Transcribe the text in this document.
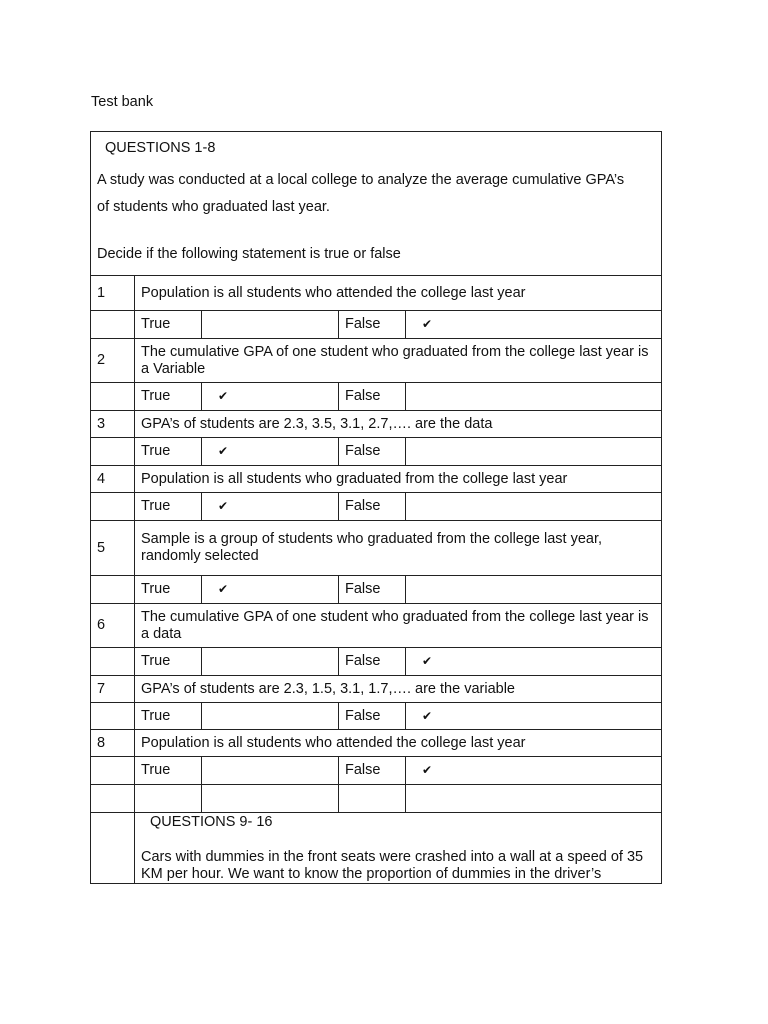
Test bank
QUESTIONS 1-8

A study was conducted at a local college to analyze the average cumulative GPA’s

of students who graduated last year.

Decide if the following statement is true or false				

1	Population is all students who attended the college last year			
	True		False	✔
2	The cumulative GPA of one student who graduated from the college last year is a Variable			
	True	✔	False	
3	GPA’s of students are 2.3, 3.5, 3.1, 2.7,…. are the data			
	True	✔	False	
4	Population is all students who graduated from the college last year			
	True	✔	False	
5	Sample is a group of students who graduated from the college last year, randomly selected			
	True	✔	False	
6	The cumulative GPA of one student who graduated from the college last year is a data			
	True		False	✔
7	GPA’s of students are 2.3, 1.5, 3.1, 1.7,…. are the variable			
	True		False	✔
8	Population is all students who attended the college last year			
	True		False	✔

	QUESTIONS 9- 16

Cars with dummies in the front seats were crashed into a wall at a speed of 35 KM per hour. We want to know the proportion of dummies in the driver’s			
